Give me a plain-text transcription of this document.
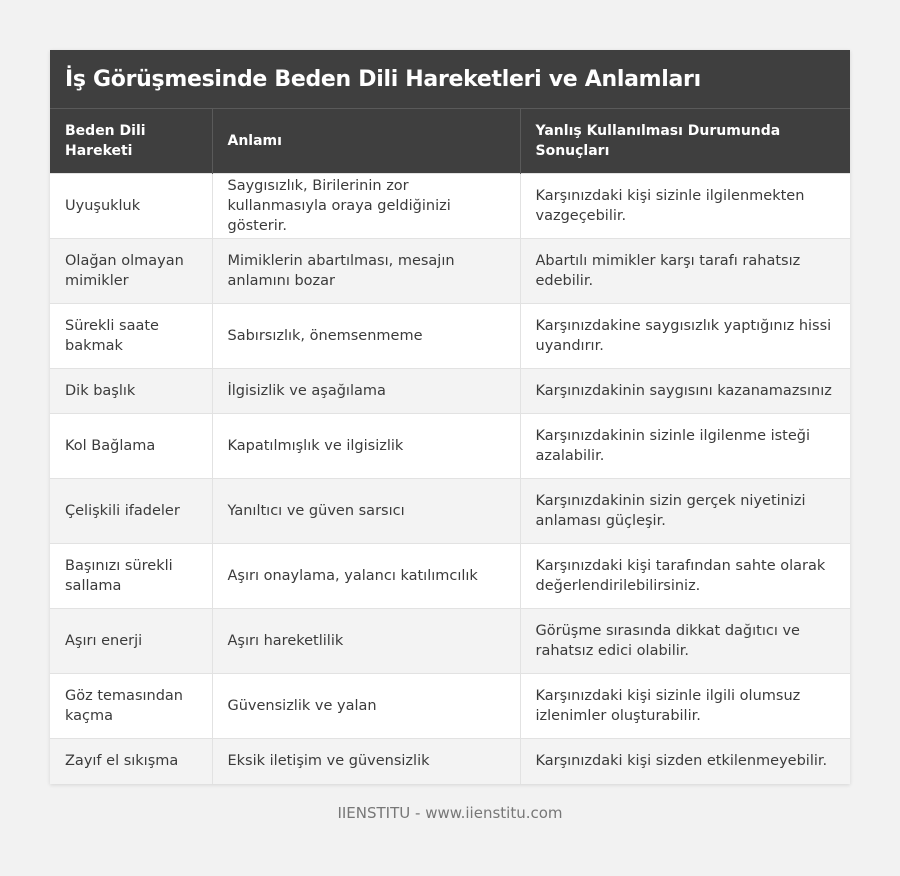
İş Görüşmesinde Beden Dili Hareketleri ve Anlamları
Beden Dili Hareketi	Anlamı	Yanlış Kullanılması Durumunda Sonuçları
Uyuşukluk	Saygısızlık, Birilerinin zor kullanmasıyla oraya geldiğinizi gösterir.	Karşınızdaki kişi sizinle ilgilenmekten vazgeçebilir.
Olağan olmayan mimikler	Mimiklerin abartılması, mesajın anlamını bozar	Abartılı mimikler karşı tarafı rahatsız edebilir.
Sürekli saate bakmak	Sabırsızlık, önemsenmeme	Karşınızdakine saygısızlık yaptığınız hissi uyandırır.
Dik başlık	İlgisizlik ve aşağılama	Karşınızdakinin saygısını kazanamazsınız
Kol Bağlama	Kapatılmışlık ve ilgisizlik	Karşınızdakinin sizinle ilgilenme isteği azalabilir.
Çelişkili ifadeler	Yanıltıcı ve güven sarsıcı	Karşınızdakinin sizin gerçek niyetinizi anlaması güçleşir.
Başınızı sürekli sallama	Aşırı onaylama, yalancı katılımcılık	Karşınızdaki kişi tarafından sahte olarak değerlendirilebilirsiniz.
Aşırı enerji	Aşırı hareketlilik	Görüşme sırasında dikkat dağıtıcı ve rahatsız edici olabilir.
Göz temasından kaçma	Güvensizlik ve yalan	Karşınızdaki kişi sizinle ilgili olumsuz izlenimler oluşturabilir.
Zayıf el sıkışma	Eksik iletişim ve güvensizlik	Karşınızdaki kişi sizden etkilenmeyebilir.
IIENSTITU - www.iienstitu.com
